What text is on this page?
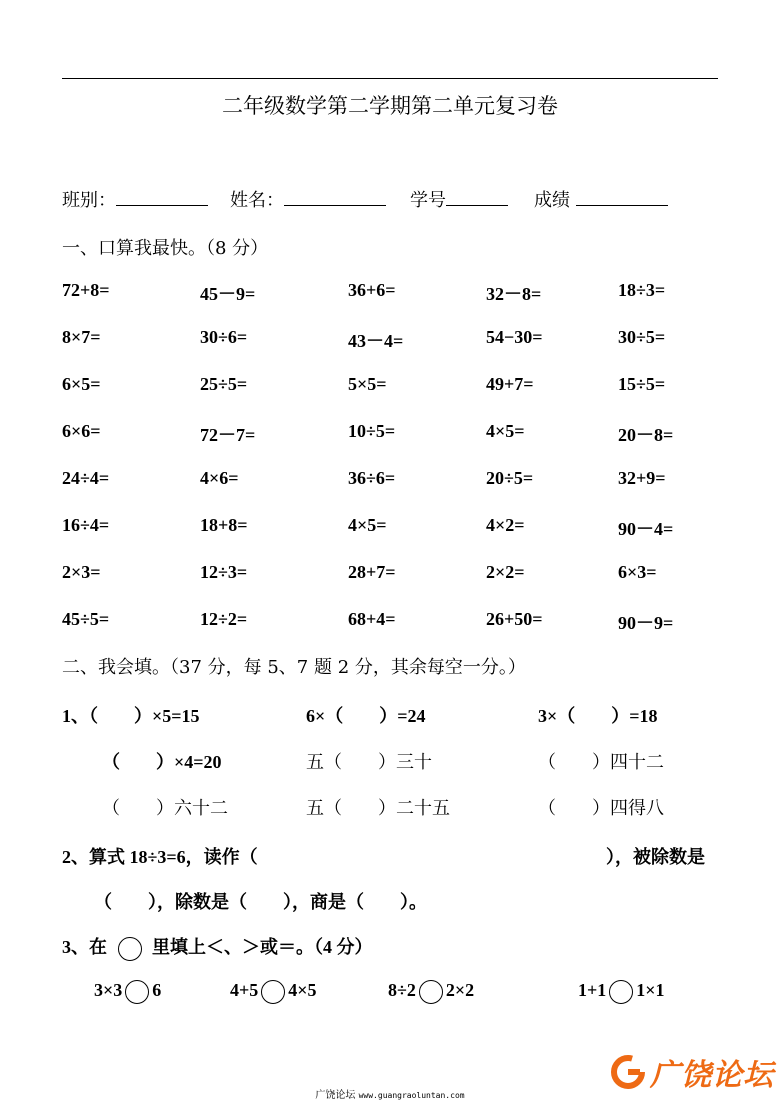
二年级数学第二学期第二单元复习卷
班别：	姓名：	学号	成绩
一、口算我最快。（8 分）
72+8=	45－9=	36+6=	32－8=	18÷3=
8×7=	30÷6=	43－4=	54−30=	30÷5=
6×5=	25÷5=	5×5=	49+7=	15÷5=
6×6=	72－7=	10÷5=	4×5=	20－8=
24÷4=	4×6=	36÷6=	20÷5=	32+9=
16÷4=	18+8=	4×5=	4×2=	90－4=
2×3=	12÷3=	28+7=	2×2=	6×3=
45÷5=	12÷2=	68+4=	26+50=	90－9=
二、我会填。（37 分，每 5、7 题 2 分，其余每空一分。）
1、（　　）×5=15	6×（　　）=24	3×（　　）=18
（　　）×4=20	五（　　）三十	（　　）四十二
（　　）六十二	五（　　）二十五	（　　）四得八
2、算式 18÷3=6，读作（	），被除数是
（　　），除数是（　　），商是（　　）。
3、在	里填上＜、＞或＝。（4 分）
3×3 6	4+5 4×5	8÷2 2×2	1+1 1×1
广饶论坛
广饶论坛 www.guangraoluntan.com
